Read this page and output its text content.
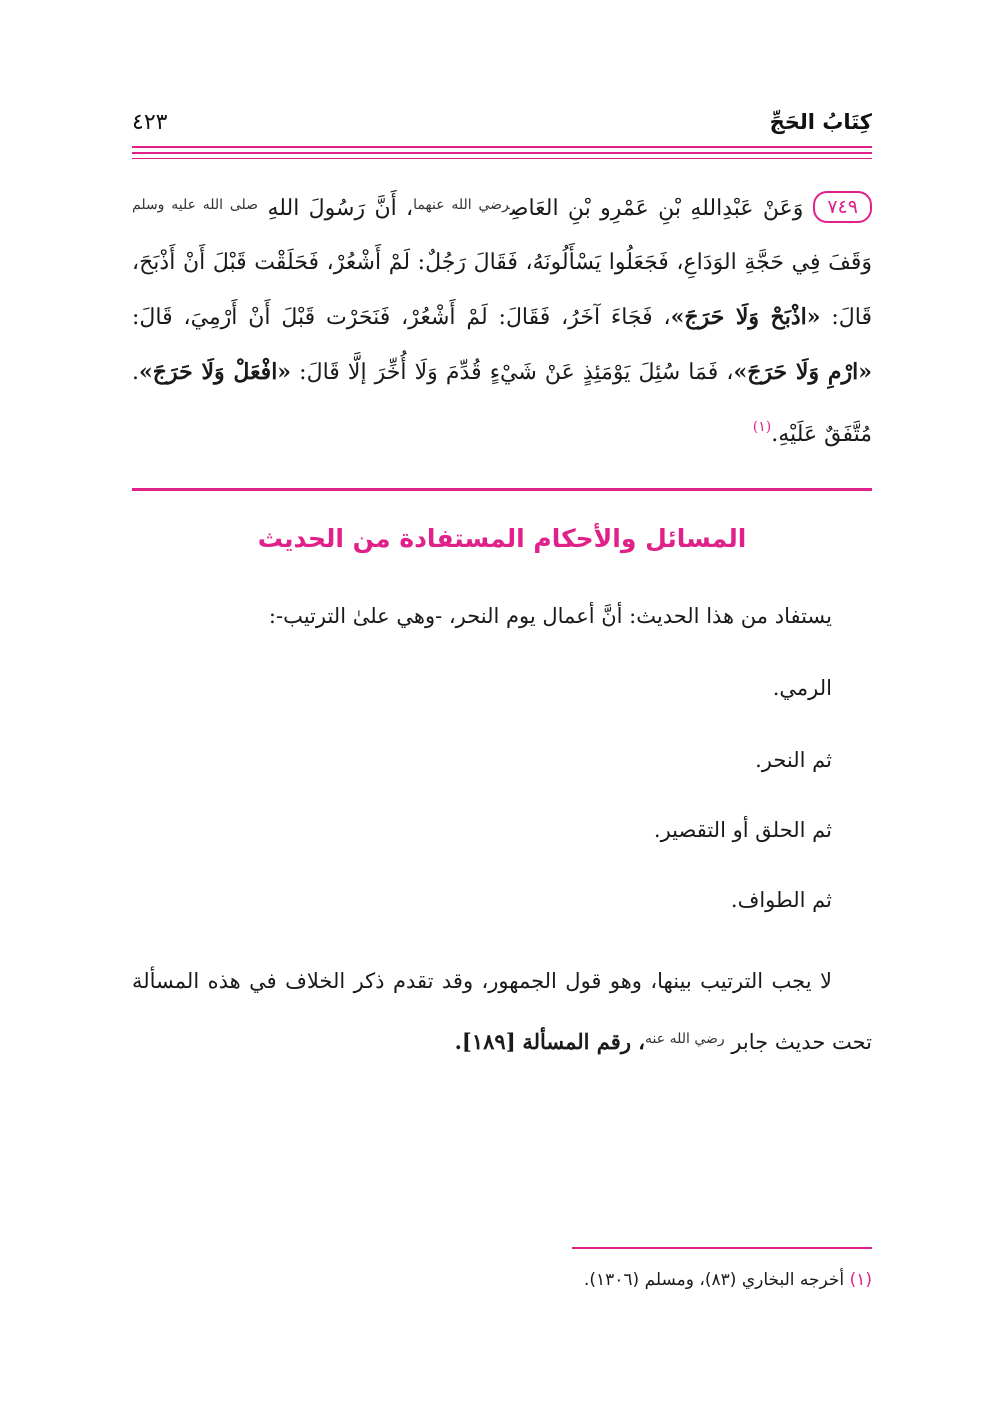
كِتَابُ الحَجِّ
٤٢٣
٧٤٩وَعَنْ عَبْدِاللهِ بْنِ عَمْرِو بْنِ العَاصِ$^{رضي الله عنهما}$، أَنَّ رَسُولَ اللهِ $^{صلى الله عليه وسلم}$ وَقَفَ فِي حَجَّةِ الوَدَاعِ، فَجَعَلُوا يَسْأَلُونَهُ، فَقَالَ رَجُلٌ: لَمْ أَشْعُرْ، فَحَلَقْت قَبْلَ أَنْ أَذْبَحَ، قَالَ: «اذْبَحْ وَلَا حَرَجَ»، فَجَاءَ آخَرُ، فَقَالَ: لَمْ أَشْعُرْ، فَنَحَرْت قَبْلَ أَنْ أَرْمِيَ، قَالَ: «ارْمِ وَلَا حَرَجَ»، فَمَا سُئِلَ يَوْمَئِذٍ عَنْ شَيْءٍ قُدِّمَ وَلَا أُخِّرَ إلَّا قَالَ: «افْعَلْ وَلَا حَرَجَ». مُتَّفَقٌ عَلَيْهِ.$^{(١)}$
المسائل والأحكام المستفادة من الحديث
يستفاد من هذا الحديث: أنَّ أعمال يوم النحر، -وهي علىٰ الترتيب-:
الرمي.
ثم النحر.
ثم الحلق أو التقصير.
ثم الطواف.
لا يجب الترتيب بينها، وهو قول الجمهور، وقد تقدم ذكر الخلاف في هذه المسألة تحت حديث جابر $^{رضي الله عنه}$، رقم المسألة [١٨٩].
(١) أخرجه البخاري (٨٣)، ومسلم (١٣٠٦).
